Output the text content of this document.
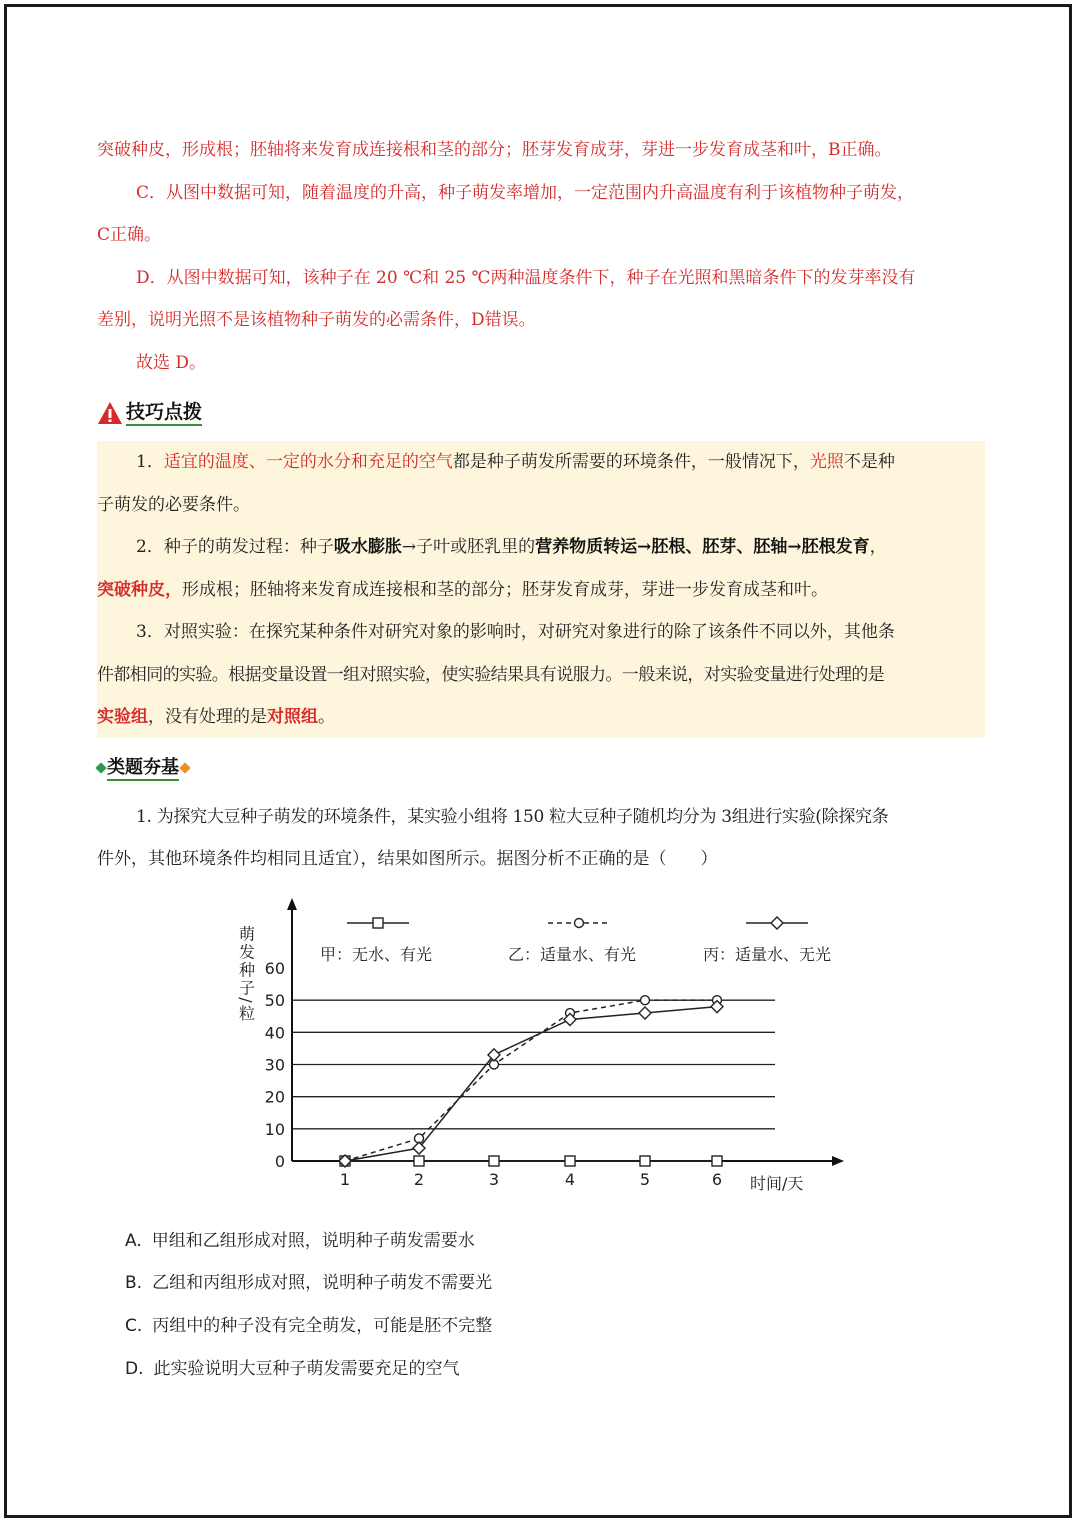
突破种皮，形成根；胚轴将来发育成连接根和茎的部分；胚芽发育成芽，芽进一步发育成茎和叶，B正确。
C．从图中数据可知，随着温度的升高，种子萌发率增加，一定范围内升高温度有利于该植物种子萌发，
C正确。
D．从图中数据可知，该种子在 20 ℃和 25 ℃两种温度条件下，种子在光照和黑暗条件下的发芽率没有
差别，说明光照不是该植物种子萌发的必需条件，D错误。
故选 D。
技巧点拨
1．适宜的温度、一定的水分和充足的空气都是种子萌发所需要的环境条件，一般情况下，光照不是种
子萌发的必要条件。
2．种子的萌发过程：种子吸水膨胀→子叶或胚乳里的营养物质转运→胚根、胚芽、胚轴→胚根发育，
突破种皮，形成根；胚轴将来发育成连接根和茎的部分；胚芽发育成芽，芽进一步发育成茎和叶。
3．对照实验：在探究某种条件对研究对象的影响时，对研究对象进行的除了该条件不同以外，其他条
件都相同的实验。根据变量设置一组对照实验，使实验结果具有说服力。一般来说，对实验变量进行处理的是
实验组，没有处理的是对照组。
类题夯基
1. 为探究大豆种子萌发的环境条件，某实验小组将 150 粒大豆种子随机均分为 3组进行实验(除探究条
件外，其他环境条件均相同且适宜），结果如图所示。据图分析不正确的是（　　）
甲：无水、有光	乙：适量水、有光	丙：适量水、无光
0
10
20
30
40
50
60
1	2	3	4	5	6 时间/天
萌发种子/粒
A. 甲组和乙组形成对照，说明种子萌发需要水
B. 乙组和丙组形成对照，说明种子萌发不需要光
C. 丙组中的种子没有完全萌发，可能是胚不完整
D. 此实验说明大豆种子萌发需要充足的空气
